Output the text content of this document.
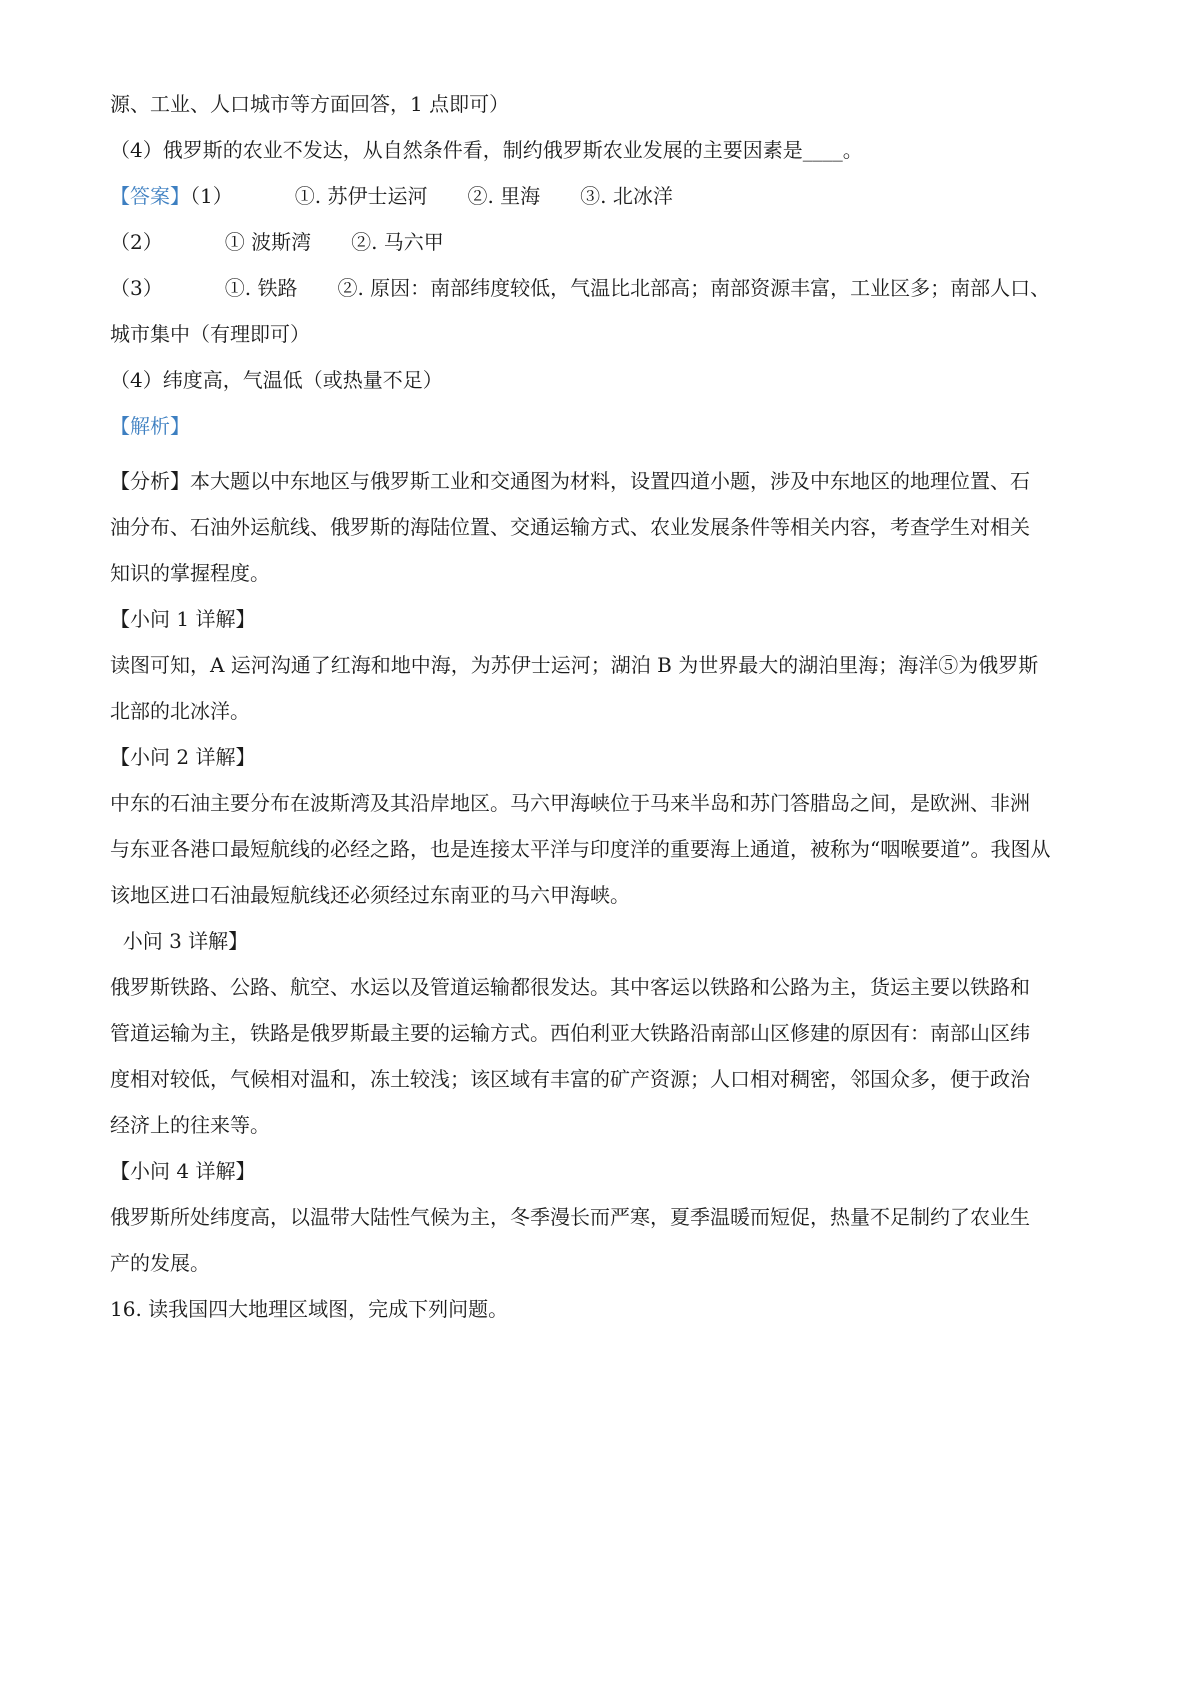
源、工业、人口城市等方面回答，1 点即可）
（4）俄罗斯的农业不发达，从自然条件看，制约俄罗斯农业发展的主要因素是____。
【答案】（1）	①. 苏伊士运河 ②. 里海 ③. 北冰洋
（2）	① 波斯湾 ②. 马六甲
（3）	①. 铁路 ②. 原因：南部纬度较低，气温比北部高；南部资源丰富，工业区多；南部人口、
城市集中（有理即可）
（4）纬度高，气温低（或热量不足）
【解析】

【分析】本大题以中东地区与俄罗斯工业和交通图为材料，设置四道小题，涉及中东地区的地理位置、石

油分布、石油外运航线、俄罗斯的海陆位置、交通运输方式、农业发展条件等相关内容，考查学生对相关

知识的掌握程度。

【小问 1 详解】

读图可知，A 运河沟通了红海和地中海，为苏伊士运河；湖泊 B 为世界最大的湖泊里海；海洋⑤为俄罗斯

北部的北冰洋。

【小问 2 详解】

中东的石油主要分布在波斯湾及其沿岸地区。马六甲海峡位于马来半岛和苏门答腊岛之间，是欧洲、非洲

与东亚各港口最短航线的必经之路，也是连接太平洋与印度洋的重要海上通道，被称为“咽喉要道”。我图从

该地区进口石油最短航线还必须经过东南亚的马六甲海峡。

小问 3 详解】

俄罗斯铁路、公路、航空、水运以及管道运输都很发达。其中客运以铁路和公路为主，货运主要以铁路和

管道运输为主，铁路是俄罗斯最主要的运输方式。西伯利亚大铁路沿南部山区修建的原因有：南部山区纬

度相对较低，气候相对温和，冻土较浅；该区域有丰富的矿产资源；人口相对稠密，邻国众多，便于政治

经济上的往来等。

【小问 4 详解】

俄罗斯所处纬度高，以温带大陆性气候为主，冬季漫长而严寒，夏季温暖而短促，热量不足制约了农业生

产的发展。

16. 读我国四大地理区域图，完成下列问题。
